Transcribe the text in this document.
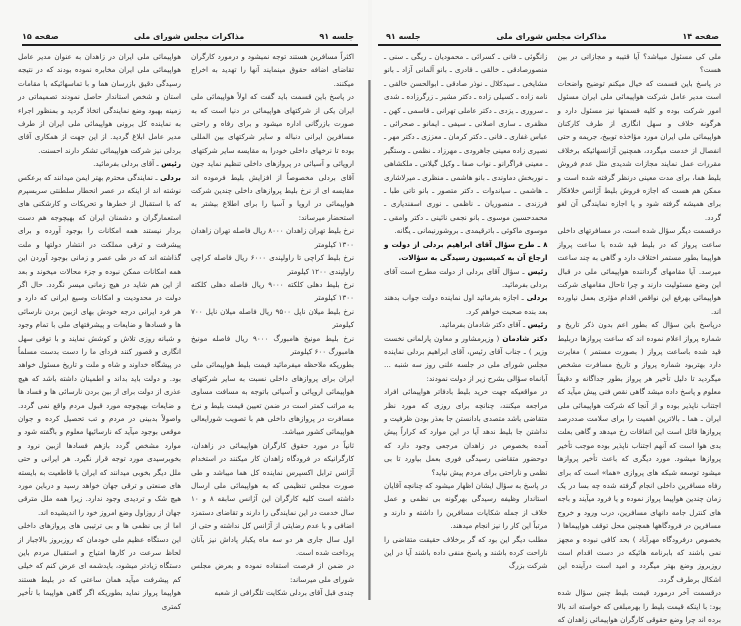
جلسه ۹۱
مذاکرات مجلس شورای ملی
صفحه ۱۵

هواپیمائی ملی ایران در زاهدان به عنوان مدیر عامل هواپیمائی ملی ایران مخابره نموده بودند که در نتیجه رسیدگی دقیق بازرسان هما و با تماسهائیکه با مقامات استان و شخص استاندار حاصل نمودند تصمیماتی در زمینه بهبود وضع نمایندگی اتخاذ گردید و بمنظور اجراء به نماینده کل برونی هواپیمائی ملی ایران از طرف مدیر عامل ابلاغ گردید. از این جهت از همکاری آقای بردلی نیز شرکت هواپیمائی تشکر دارند احسنت.

رئیس ـ آقای بردلی بفرمائید.

بردلی ـ نمایندگی محترم بهتر ایمن میدانند که برعکس نوشته اند از اینکه در عصر انحطار سلطنتی سربسپرم که با استقبال از خطرها و تحریکات و کارشکنی های استعمارگران و دشمنان ایران که بهیچوجه هم دست بردار نیستند همه امکانات را بوجود آورده و برای پیشرفت و ترقی مملکت در انتشار دولتها و ملت گذاشته اند که در طی عصر و زمانی بوجود آوردن این همه امکانات ممکن نبوده و جزء محالات میخوند و بعد از این هم شاید در هیچ زمانی میسر نگردد. حال اگر دولت در محدودیت و امکانات وسیع ایرانی که دارد و هر فرد ایرانی درجه خودش بهای ازبین بردن نارسائی ها و فسادها و ضایعات و پیشرفتهای ملی با تمام وجود و شبانه روزی تلاش و کوشش نمایند و با توقی سهل انگاری و قصور کنند فردای ما را دست بدست مسلماً در پیشگاه خداوند و شاه و ملت و تاریخ مسئول خواهد بود. و دولت باید بداند و اطمینان داشته باشد که هیچ عذری از دولت برای از بین بردن نارسائی ها و فساد ها و ضایعات بهیچوجه مورد قبول مردم واقع نمی گردد. واصولاً بدبینی در مردم و تب تحصیل کرده و جوان موقعی بوجود میآید که نارسائیها معلوم و باگفته شود و موارد مشخص گردد بازهم فسادها ازبین نرود و بخوبرسیدی مورد توجه قرار نگیرد. هر ایرانی و حتی ملل دیگر بخوبی میدانند که ایران با قاطعیت به بایسته های صنعتی و ترقی جهان خواهد رسید و درباین مورد هیچ شک و تردیدی وجود ندارد. زیرا همه ملل مترقی جهان از روزاول وضع امروز خود را اندیشیده اند.

اما از بی نظمی ها و بی ترتیبی های پروازهای داخلی این دستگاه عظیم ملی خودمان که روزبروز بالاجبار از لحاظ سرعت در کارها امتیاج و استقبال مردم باین دستگاه زیادتر میشود، بایدشمه ای عرض کنم که خیلی کم پیشرفت میآید همان ساعتی که در بلیط هستند هواپیما پرواز نماید بطوریکه اگر گاهی هواپیما با تأخیر کمتری

اکثراً مسافرین هستند توجه نمیشود و درمورد کارگران تقاضای اضافه حقوق مینمایند آنها را تهدید به اخراج میکنند.

در پاسخ باین قسمت باید گفت که اولاً هواپیمائی ملی ایران یکی از شرکتهای هواپیمائی در دنیا است که به صورت بازرگانی اداره میشود و برای رفاه و راحتی مسافرین ایرانی دنباله و سایر شرکتهای بین المللی بوده تا نرخهای داخلی خودرا به مقایسه سایر شرکتهای اروپائی و آسیائی در پروازهای داخلی تنظیم نماید جون آقای بردلی مخصوصاً از افزایش بلیط فرموده اند مقایسه ای از نرخ بلیط پروازهای داخلی چندین شرکت هواپیمائی در اروپا و آسیا را برای اطلاع بیشتر به استحضار میرساند:

نرخ بلیط تهران زاهدان ۸۰۰۰ ریال فاصله تهران زاهدان ۱۳۰۰ کیلومتر

نرخ بلیط کراچی تا راولپندی ۶۰۰۰ ریال فاصله کراچی راولپندی ۱۲۰۰ کیلومتر

نرخ بلیط دهلی کلکته ۹۰۰۰ ریال فاصله دهلی کلکته ۱۳۰۰ کیلومتر

نرخ بلیط میلان ناپل ۹۵۰۰ ریال فاصله میلان ناپل ۷۰۰ کیلومتر

نرخ بلیط مونیخ هامبورگ ۹۰۰۰ ریال فاصله مونیخ هامبورگ ۶۰۰ کیلومتر

بطوریکه ملاحظه میفرمائید قیمت بلیط هواپیمائی ملی ایران برای پروازهای داخلی نسبت به سایر شرکتهای هواپیمائی اروپائی و آسیائی باتوجه به مسافت مساوی به مراتب کمتر است در ضمن تعیین قیمت بلیط و نرخ مسافرت در پروازهای داخلی هم با تصویب شورایعالی هواپیمائی کشور میباشد.

ثانیاً در مورد حقوق کارگران هواپیمائی در زاهدان، کارگرانیکه در فرودگاه زاهدان کار میکنند در استخدام آژانس ترابل اکسپرس نماینده کل هما میباشد و طی صورت مجلس تنظیمی که به هواپیمائی ملی ارسال داشته است کلیه کارگران این آژانس سابقه ۸ و ۱۰ سال خدمت در این نمایندگی را دارند و تقاضای دستمزد اضافی و با عدم رضایتی از آژانس کل نداشته و حتی از اول سال جاری هر دو سه ماه یکبار پاداش نیز بآنان پرداخت شده است.

در ضمن از فرصت استفاده نموده و بعرض مجلس شورای ملی میرساند:

چندی قبل آقای بردلی شکایت تلگرافی از شعبه

صفحه ۱۴
مذاکرات مجلس شورای ملی
جلسه ۹۱

زانگوئی ـ فانی ـ کسرائی ـ محمودیان ـ ریگی ـ سنی ـ منصورصادقی ـ خالقی ـ قادری ـ بانو آلمانی آزاد ـ بانو مشایخی ـ سیدکلال ـ نوذر صادقی ـ ابوالحسن خالقی ـ نامه زاده ـ کسیلی زاده ـ دکتر مشیر ـ زرگرزاده ـ شدی ـ سروری ـ یزدی ـ دکتر عاملی تهرانی ـ قاسمی ـ کهن ـ مظفری ـ ساری اصلانی ـ سیفی ـ ایمانو ـ صحرائی ـ عباس غفاری ـ فانی ـ دکتر کرمان ـ معززی ـ دکتر مهر ـ نصیری زاده معینی جاهرودی ـ مهرزاد ـ نظمی ـ وستگیر ـ معینی فراگرانو ـ نواب صفا ـ وکیل گیلانی ـ ملکشاهی ـ نوربخش دماوندی ـ بانو هاشمی ـ منظری ـ میرلاشاری ـ هاشمی ـ سیاندوات ـ دکتر متصور ـ بانو تاتی طبا ـ فرزندی ـ منصوریان ـ ناظمی ـ نوری اسفندیاری ـ محمدحسین موسوی ـ بانو نجمی نائینی ـ دکتر وامقی ـ موسوی ماکوئی ـ باترقیمدی ـ بروشورنیمانی ـ یگانه.

۸ ـ طرح سؤال آقای ابراهیم بردلی از دولت و ارجاع آن به کمیسیون رسیدگی به سؤالات.

رئیس ـ سؤال آقای بردلی از دولت مطرح است آقای بردلی بفرمائید.

بردلی ـ اجازه بفرمائید اول نماینده دولت جواب بدهند بعد بنده صحبت خواهم کرد.

رئیس ـ آقای دکتر شادمان بفرمائید.

دکتر شادمان ( وزیرمشاور و معاون پارلمانی نخست وزیر ) ـ جناب آقای رئیس، آقای ابراهیم بردلی نماینده مجلس شورای ملی در جلسه علنی روز سه شنبه ... آبانماه سؤالی بشرح زیر از دولت نمودند:

در مواقعیکه جهت خرید بلیط بادفاتر هواپیمائی افراد مراجعه میکنند، چنانچه برای روزی که مورد نظر متقاضی باشد متصدی بادانستن جا بعذر بودن ظرفیت و نداشتن جا بلیط ندهد آیا در این موارد که کراراً پیش آمده بخصوص در زاهدان مرجعی وجود دارد که دوحضور متقاضی رسیدگی فوری بعمل بیاورد تا بی نظمی و ناراحتی برای مردم پیش نیاید؟

در پاسخ به سؤال ایشان اظهار میشود که چنانچه آقایان استاندار وظیفه رسیدگی بهرگونه بی نظمی و عمل خلاف از جمله شکایات مسافرین را داشته و دارند و مرتباً این کار را نیز انجام میدهند.

مطلب دیگر این بود که گر برخلاف حقیقت متقاضی را ناراحت کرده باشند و پاسخ منفی داده باشند آیا در این شرکت بزرگ

ملی کی مسئول میباشد؟ آیا قتیبه و مجازاتی در بین هست؟

در پاسخ باین قسمت که خیال میکنم توضیح واضحات است مدیر عامل شرکت هواپیمائی ملی ایران مسئول امور شرکت بوده و کلیه قسمتها نیز مسئول دارد و هرگونه خلاف و سهل انگاری از طرف کارکنان هواپیمائی ملی ایران مورد مؤاخذه توبیخ، جریمه و حتی انفصال از خدمت میگردد، همچنین آژانسهائیکه برخلاف مقررات عمل نمایند مجازات شدیدی مثل عدم فروش بلیط هما، برای مدت معینی درنظر گرفته شده است و ممکن هم هست که اجازه فروش بلیط آژانس خلافکار برای همیشه گرفته شود و یا اجازه نمایندگی آن لغو گردد.

درقسمت دیگر سؤال شده است، در مسافرتهای داخلی ساعت پرواز که در بلیط قید شده با ساعت پرواز هواپیما بطور مستمر اختلاف دارد و گاهی به چند ساعت میرسد. آیا مقامهای گرداننده هواپیمائی ملی در قبال این وضع مسئولیت دارند و چرا تاحال مقامهای شرکت هواپیمائی بهرفع این نواقص اقدام مؤثری بعمل نیاورده اند.

درپاسخ باین سؤال که بطور اعم بدون ذکر تاریخ و شماره پرواز اعلام نموده اند که ساعت پروازها دربلیط قید شده باساعت پرواز ( بصورت مستمر ) مغایرت دارد بهتربود شماره پرواز و تاریخ مسافرت مشخص میگردید تا دلیل تأخیر هر پرواز بطور جداگانه و دقیقاً معلوم و پاسخ داده میشد گاهی نقص فنی پیش میآید که اجتناب ناپذیر بوده و از آنجا که شرکت هواپیمائی ملی ایران ـ هما ـ بالاترین اهمیت را برای سلامت صددرصد پروازها قائل است این اتفاقات رخ میدهد و گاهی بعلت بدی هوا است که آنهم اجتناب ناپذیر بوده موجب تأخیر پروازها میشود. مورد دیگری که باعث تأخیر پروازها میشود توسعه شبکه های پروازی «هما» است که برای رفاه مسافرین داخلی انجام گرفته شده چه بسا در یک زمان چندین هواپیما پرواز نموده و یا فرود میآیند و باجه های کنترل جامه دانهای مسافرین، درب ورود و خروج مسافرین در فرودگاهها همچنین محل توقف هواپیماها ( بخصوص درفرودگاه مهرآباد ) بحد کافی نبوده و مجهز نمی باشند که بابرنامه هائیکه در دست اقدام است روزبروز وضع بهتر میگردد و امید است درآینده این اشکال برطرف گردد.

درقسمت آخر درمورد قیمت بلیط چنین سؤال شده بود: با اینکه قیمت بلیط را بهرمبلغی که خواسته اند بالا برده اند چرا وضع حقوقی کارگران هواپیمائی زاهدان که
